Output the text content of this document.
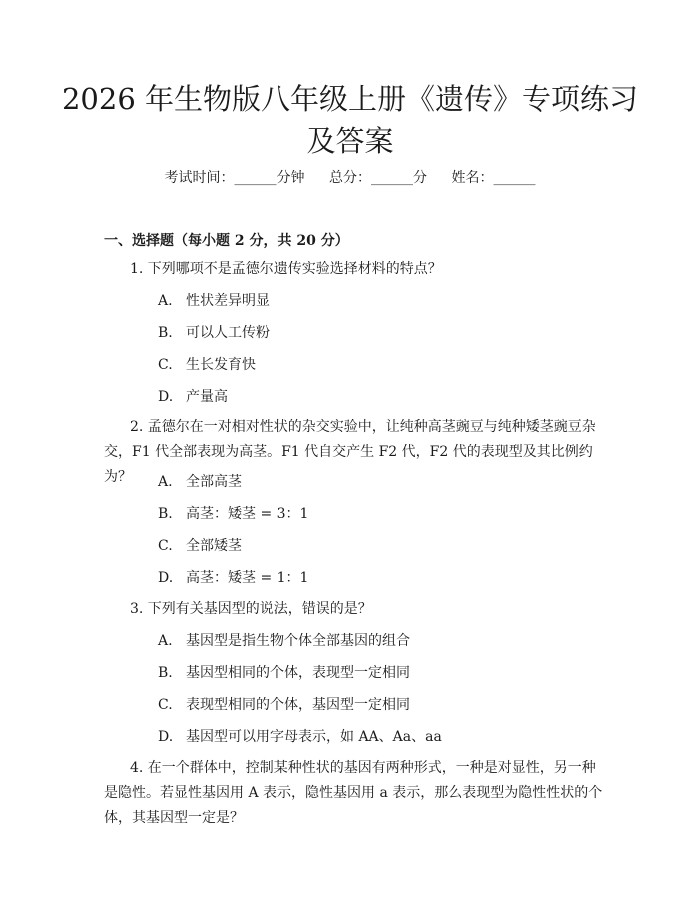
2026 年生物版八年级上册《遗传》专项练习
及答案
考试时间：______分钟 总分：______分 姓名：______
一、选择题（每小题 2 分，共 20 分）
1. 下列哪项不是孟德尔遗传实验选择材料的特点？
A. 性状差异明显
B. 可以人工传粉
C. 生长发育快
D. 产量高
2. 孟德尔在一对相对性状的杂交实验中，让纯种高茎豌豆与纯种矮茎豌豆杂交，F1 代全部表现为高茎。F1 代自交产生 F2 代，F2 代的表现型及其比例约为？	A. 全部高茎
B. 高茎：矮茎 = 3：1
C. 全部矮茎
D. 高茎：矮茎 = 1：1
3. 下列有关基因型的说法，错误的是？
A. 基因型是指生物个体全部基因的组合
B. 基因型相同的个体，表现型一定相同
C. 表现型相同的个体，基因型一定相同
D. 基因型可以用字母表示，如 AA、Aa、aa
4. 在一个群体中，控制某种性状的基因有两种形式，一种是对显性，另一种是隐性。若显性基因用 A 表示，隐性基因用 a 表示，那么表现型为隐性性状的个体，其基因型一定是？
